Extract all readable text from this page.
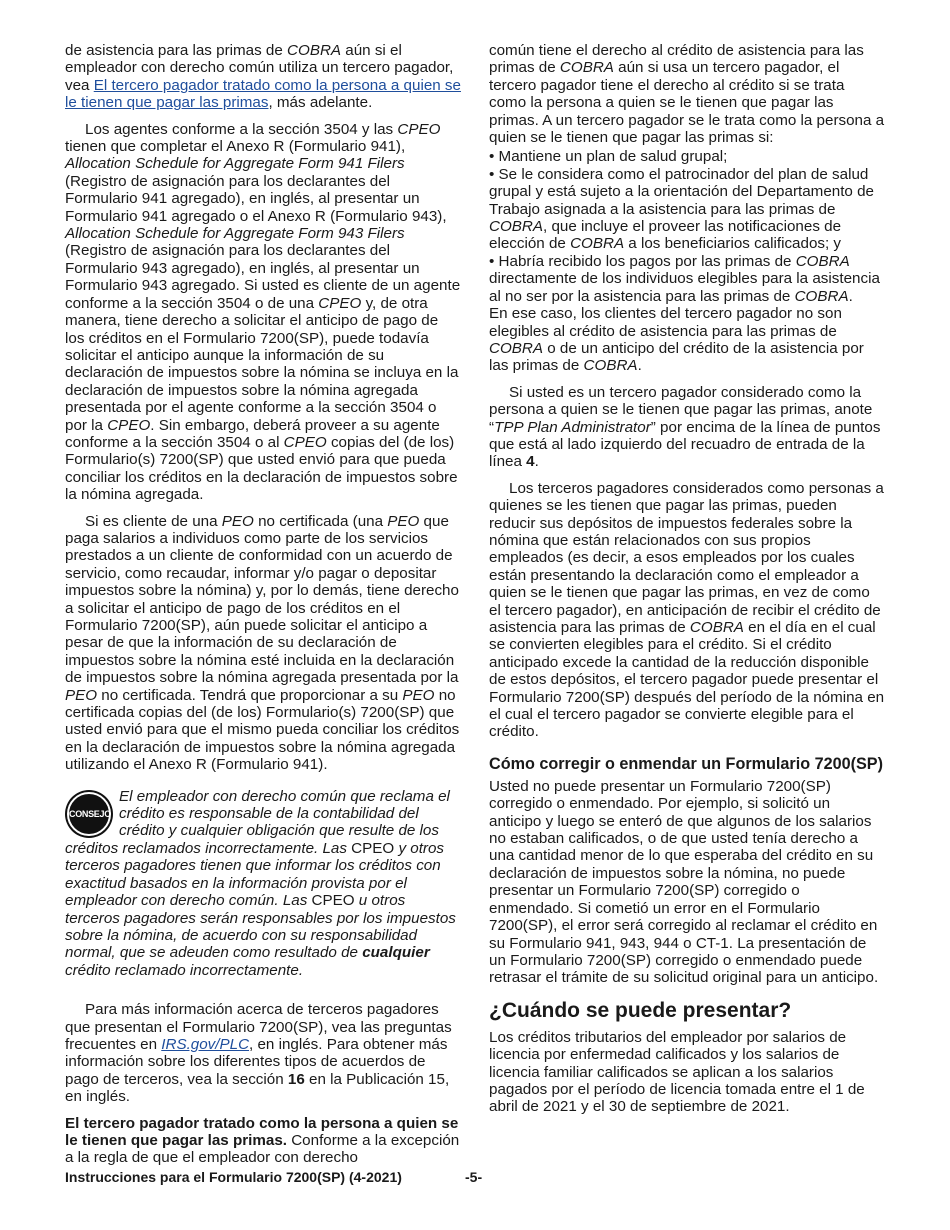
de asistencia para las primas de COBRA aún si el empleador con derecho común utiliza un tercero pagador, vea El tercero pagador tratado como la persona a quien se le tienen que pagar las primas, más adelante.

Los agentes conforme a la sección 3504 y las CPEO tienen que completar el Anexo R (Formulario 941), Allocation Schedule for Aggregate Form 941 Filers (Registro de asignación para los declarantes del Formulario 941 agregado), en inglés, al presentar un Formulario 941 agregado o el Anexo R (Formulario 943), Allocation Schedule for Aggregate Form 943 Filers (Registro de asignación para los declarantes del Formulario 943 agregado), en inglés, al presentar un Formulario 943 agregado. Si usted es cliente de un agente conforme a la sección 3504 o de una CPEO y, de otra manera, tiene derecho a solicitar el anticipo de pago de los créditos en el Formulario 7200(SP), puede todavía solicitar el anticipo aunque la información de su declaración de impuestos sobre la nómina se incluya en la declaración de impuestos sobre la nómina agregada presentada por el agente conforme a la sección 3504 o por la CPEO. Sin embargo, deberá proveer a su agente conforme a la sección 3504 o al CPEO copias del (de los) Formulario(s) 7200(SP) que usted envió para que pueda conciliar los créditos en la declaración de impuestos sobre la nómina agregada.

Si es cliente de una PEO no certificada (una PEO que paga salarios a individuos como parte de los servicios prestados a un cliente de conformidad con un acuerdo de servicio, como recaudar, informar y/o pagar o depositar impuestos sobre la nómina) y, por lo demás, tiene derecho a solicitar el anticipo de pago de los créditos en el Formulario 7200(SP), aún puede solicitar el anticipo a pesar de que la información de su declaración de impuestos sobre la nómina esté incluida en la declaración de impuestos sobre la nómina agregada presentada por la PEO no certificada. Tendrá que proporcionar a su PEO no certificada copias del (de los) Formulario(s) 7200(SP) que usted envió para que el mismo pueda conciliar los créditos en la declaración de impuestos sobre la nómina agregada utilizando el Anexo R (Formulario 941).

CONSEJO

El empleador con derecho común que reclama el crédito es responsable de la contabilidad del crédito y cualquier obligación que resulte de los créditos reclamados incorrectamente. Las CPEO y otros terceros pagadores tienen que informar los créditos con exactitud basados en la información provista por el empleador con derecho común. Las CPEO u otros terceros pagadores serán responsables por los impuestos sobre la nómina, de acuerdo con su responsabilidad normal, que se adeuden como resultado de cualquier crédito reclamado incorrectamente.

Para más información acerca de terceros pagadores que presentan el Formulario 7200(SP), vea las preguntas frecuentes en IRS.gov/PLC, en inglés. Para obtener más información sobre los diferentes tipos de acuerdos de pago de terceros, vea la sección 16 en la Publicación 15, en inglés.

El tercero pagador tratado como la persona a quien se le tienen que pagar las primas. Conforme a la excepción a la regla de que el empleador con derecho

común tiene el derecho al crédito de asistencia para las primas de COBRA aún si usa un tercero pagador, el tercero pagador tiene el derecho al crédito si se trata como la persona a quien se le tienen que pagar las primas. A un tercero pagador se le trata como la persona a quien se le tienen que pagar las primas si:

• Mantiene un plan de salud grupal;

• Se le considera como el patrocinador del plan de salud grupal y está sujeto a la orientación del Departamento de Trabajo asignada a la asistencia para las primas de COBRA, que incluye el proveer las notificaciones de elección de COBRA a los beneficiarios calificados; y

• Habría recibido los pagos por las primas de COBRA directamente de los individuos elegibles para la asistencia al no ser por la asistencia para las primas de COBRA.

En ese caso, los clientes del tercero pagador no son elegibles al crédito de asistencia para las primas de COBRA o de un anticipo del crédito de la asistencia por las primas de COBRA.

Si usted es un tercero pagador considerado como la persona a quien se le tienen que pagar las primas, anote “TPP Plan Administrator” por encima de la línea de puntos que está al lado izquierdo del recuadro de entrada de la línea 4.

Los terceros pagadores considerados como personas a quienes se les tienen que pagar las primas, pueden reducir sus depósitos de impuestos federales sobre la nómina que están relacionados con sus propios empleados (es decir, a esos empleados por los cuales están presentando la declaración como el empleador a quien se le tienen que pagar las primas, en vez de como el tercero pagador), en anticipación de recibir el crédito de asistencia para las primas de COBRA en el día en el cual se convierten elegibles para el crédito. Si el crédito anticipado excede la cantidad de la reducción disponible de estos depósitos, el tercero pagador puede presentar el Formulario 7200(SP) después del período de la nómina en el cual el tercero pagador se convierte elegible para el crédito.

Cómo corregir o enmendar un Formulario 7200(SP)

Usted no puede presentar un Formulario 7200(SP) corregido o enmendado. Por ejemplo, si solicitó un anticipo y luego se enteró de que algunos de los salarios no estaban calificados, o de que usted tenía derecho a una cantidad menor de lo que esperaba del crédito en su declaración de impuestos sobre la nómina, no puede presentar un Formulario 7200(SP) corregido o enmendado. Si cometió un error en el Formulario 7200(SP), el error será corregido al reclamar el crédito en su Formulario 941, 943, 944 o CT-1. La presentación de un Formulario 7200(SP) corregido o enmendado puede retrasar el trámite de su solicitud original para un anticipo.

¿Cuándo se puede presentar?

Los créditos tributarios del empleador por salarios de licencia por enfermedad calificados y los salarios de licencia familiar calificados se aplican a los salarios pagados por el período de licencia tomada entre el 1 de abril de 2021 y el 30 de septiembre de 2021.

Instrucciones para el Formulario 7200(SP) (4-2021)	-5-
